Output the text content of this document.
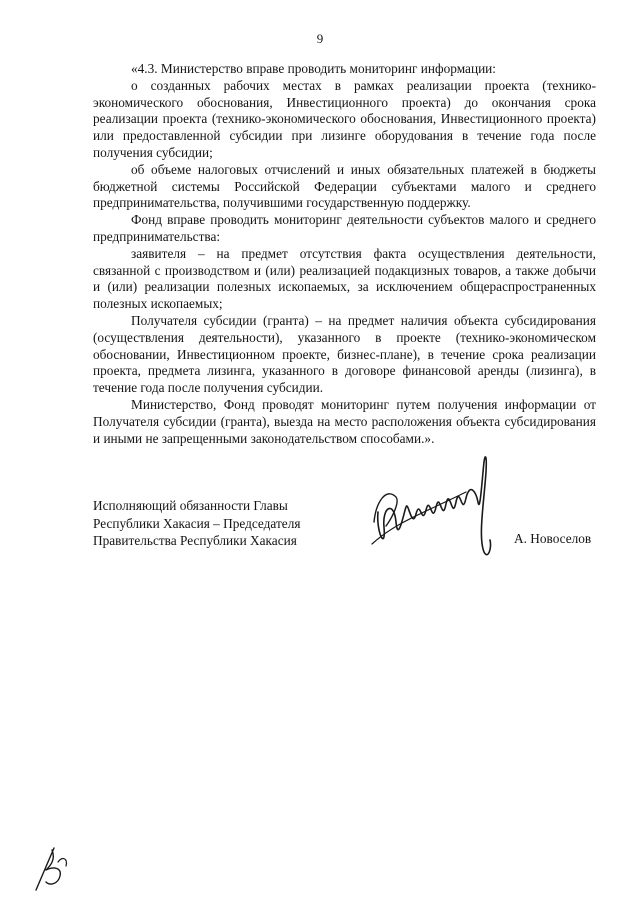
9

«4.3. Министерство вправе проводить мониторинг информации:

о созданных рабочих местах в рамках реализации проекта (технико-экономического обоснования, Инвестиционного проекта) до окончания срока реализации проекта (технико-экономического обоснования, Инвестиционного проекта) или предоставленной субсидии при лизинге оборудования в течение года после получения субсидии;

об объеме налоговых отчислений и иных обязательных платежей в бюджеты бюджетной системы Российской Федерации субъектами малого и среднего предпринимательства, получившими государственную поддержку.

Фонд вправе проводить мониторинг деятельности субъектов малого и среднего предпринимательства:

заявителя – на предмет отсутствия факта осуществления деятельности, связанной с производством и (или) реализацией подакцизных товаров, а также добычи и (или) реализации полезных ископаемых, за исключением общераспространенных полезных ископаемых;

Получателя субсидии (гранта) – на предмет наличия объекта субсидирования (осуществления деятельности), указанного в проекте (технико-экономическом обосновании, Инвестиционном проекте, бизнес-плане), в течение срока реализации проекта, предмета лизинга, указанного в договоре финансовой аренды (лизинга), в течение года после получения субсидии.

Министерство, Фонд проводят мониторинг путем получения информации от Получателя субсидии (гранта), выезда на место расположения объекта субсидирования и иными не запрещенными законодательством способами.».

Исполняющий обязанности Главы
Республики Хакасия – Председателя
Правительства Республики Хакасия	А. Новоселов
